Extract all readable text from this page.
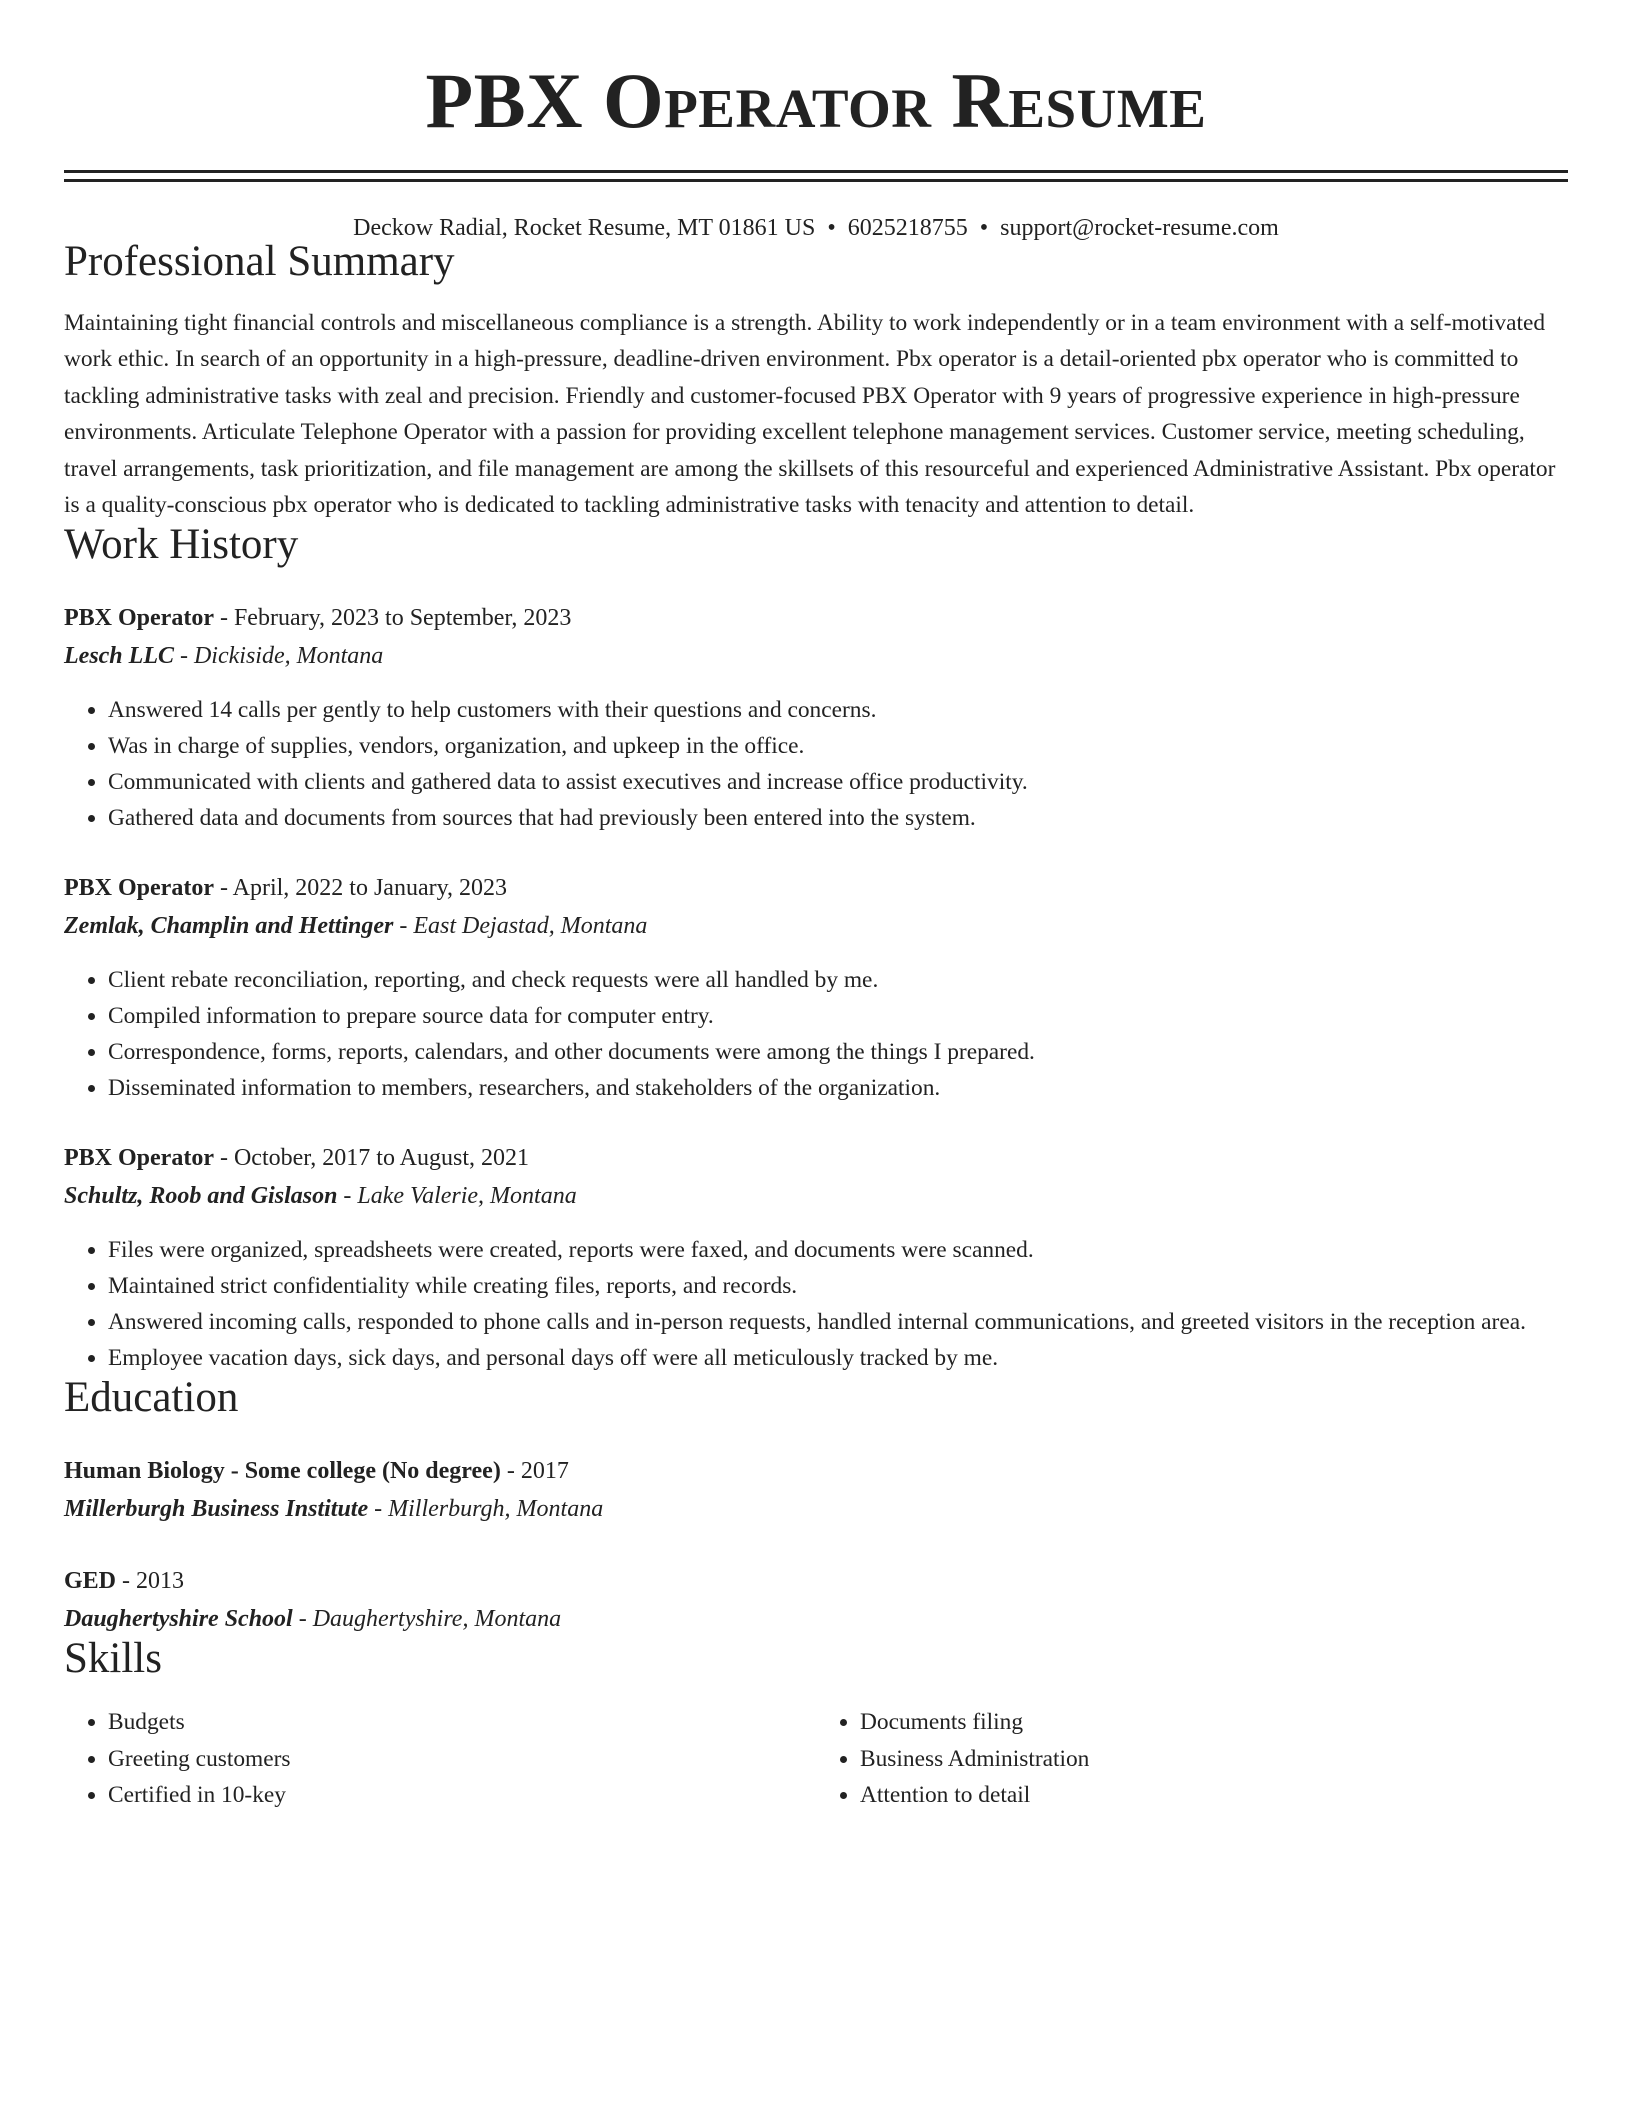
PBX Operator Resume
Deckow Radial, Rocket Resume, MT 01861 US • 6025218755 • support@rocket-resume.com
Professional Summary

Maintaining tight financial controls and miscellaneous compliance is a strength. Ability to work independently or in a team environment with a self-motivated work ethic. In search of an opportunity in a high-pressure, deadline-driven environment. Pbx operator is a detail-oriented pbx operator who is committed to tackling administrative tasks with zeal and precision. Friendly and customer-focused PBX Operator with 9 years of progressive experience in high-pressure environments. Articulate Telephone Operator with a passion for providing excellent telephone management services. Customer service, meeting scheduling, travel arrangements, task prioritization, and file management are among the skillsets of this resourceful and experienced Administrative Assistant. Pbx operator is a quality-conscious pbx operator who is dedicated to tackling administrative tasks with tenacity and attention to detail.

Work History
PBX Operator - February, 2023 to September, 2023
Lesch LLC - Dickiside, Montana
• Answered 14 calls per gently to help customers with their questions and concerns.
• Was in charge of supplies, vendors, organization, and upkeep in the office.
• Communicated with clients and gathered data to assist executives and increase office productivity.
• Gathered data and documents from sources that had previously been entered into the system.
PBX Operator - April, 2022 to January, 2023
Zemlak, Champlin and Hettinger - East Dejastad, Montana
• Client rebate reconciliation, reporting, and check requests were all handled by me.
• Compiled information to prepare source data for computer entry.
• Correspondence, forms, reports, calendars, and other documents were among the things I prepared.
• Disseminated information to members, researchers, and stakeholders of the organization.
PBX Operator - October, 2017 to August, 2021
Schultz, Roob and Gislason - Lake Valerie, Montana
• Files were organized, spreadsheets were created, reports were faxed, and documents were scanned.
• Maintained strict confidentiality while creating files, reports, and records.
• Answered incoming calls, responded to phone calls and in-person requests, handled internal communications, and greeted visitors in the reception area.
• Employee vacation days, sick days, and personal days off were all meticulously tracked by me.
Education
Human Biology - Some college (No degree) - 2017
Millerburgh Business Institute - Millerburgh, Montana
GED - 2013
Daughertyshire School - Daughertyshire, Montana
Skills
• Budgets
• Greeting customers
• Certified in 10-key
• Documents filing
• Business Administration
• Attention to detail
